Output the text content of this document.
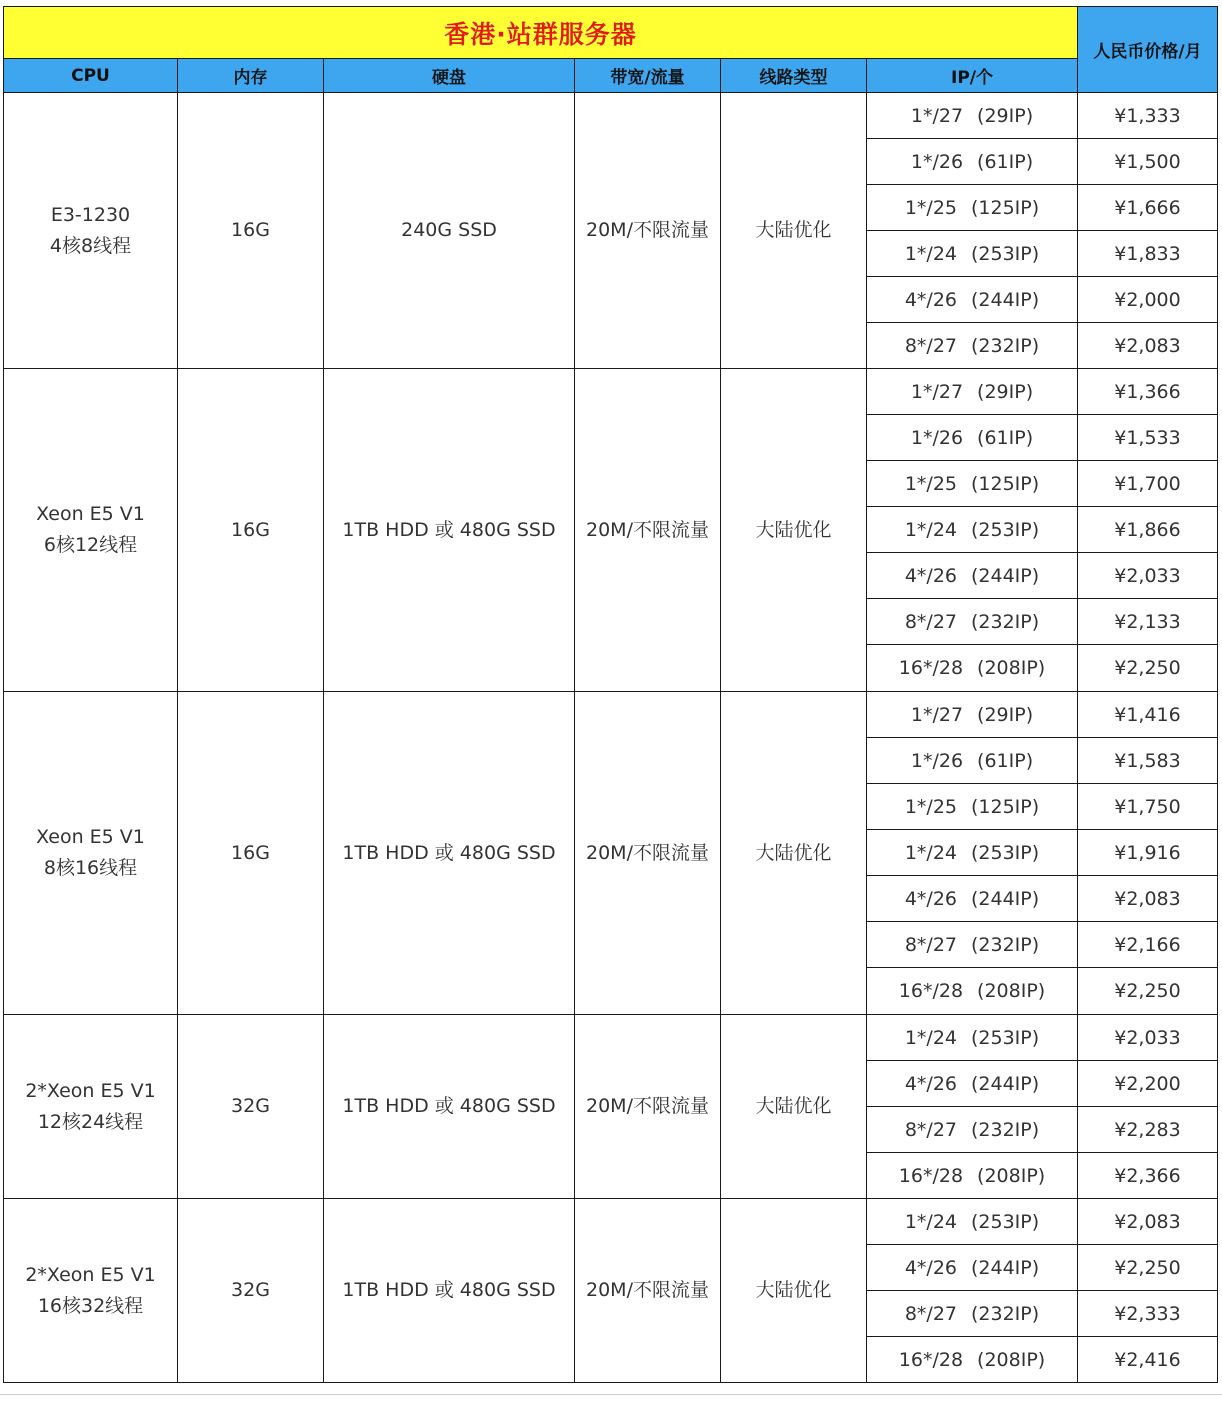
香港·站群服务器						人民币价格/月
CPU	内存	硬盘	带宽/流量	线路类型	IP/个	
E3-1230
4核8线程	16G	240G SSD	20M/不限流量	大陆优化	1*/27 (29IP)	¥1,333
					1*/26 (61IP)	¥1,500
					1*/25 (125IP)	¥1,666
					1*/24 (253IP)	¥1,833
					4*/26 (244IP)	¥2,000
					8*/27 (232IP)	¥2,083
Xeon E5 V1
6核12线程	16G	1TB HDD 或 480G SSD	20M/不限流量	大陆优化	1*/27 (29IP)	¥1,366
					1*/26 (61IP)	¥1,533
					1*/25 (125IP)	¥1,700
					1*/24 (253IP)	¥1,866
					4*/26 (244IP)	¥2,033
					8*/27 (232IP)	¥2,133
					16*/28 (208IP)	¥2,250
Xeon E5 V1
8核16线程	16G	1TB HDD 或 480G SSD	20M/不限流量	大陆优化	1*/27 (29IP)	¥1,416
					1*/26 (61IP)	¥1,583
					1*/25 (125IP)	¥1,750
					1*/24 (253IP)	¥1,916
					4*/26 (244IP)	¥2,083
					8*/27 (232IP)	¥2,166
					16*/28 (208IP)	¥2,250
2*Xeon E5 V1
12核24线程	32G	1TB HDD 或 480G SSD	20M/不限流量	大陆优化	1*/24 (253IP)	¥2,033
					4*/26 (244IP)	¥2,200
					8*/27 (232IP)	¥2,283
					16*/28 (208IP)	¥2,366
2*Xeon E5 V1
16核32线程	32G	1TB HDD 或 480G SSD	20M/不限流量	大陆优化	1*/24 (253IP)	¥2,083
					4*/26 (244IP)	¥2,250
					8*/27 (232IP)	¥2,333
					16*/28 (208IP)	¥2,416
